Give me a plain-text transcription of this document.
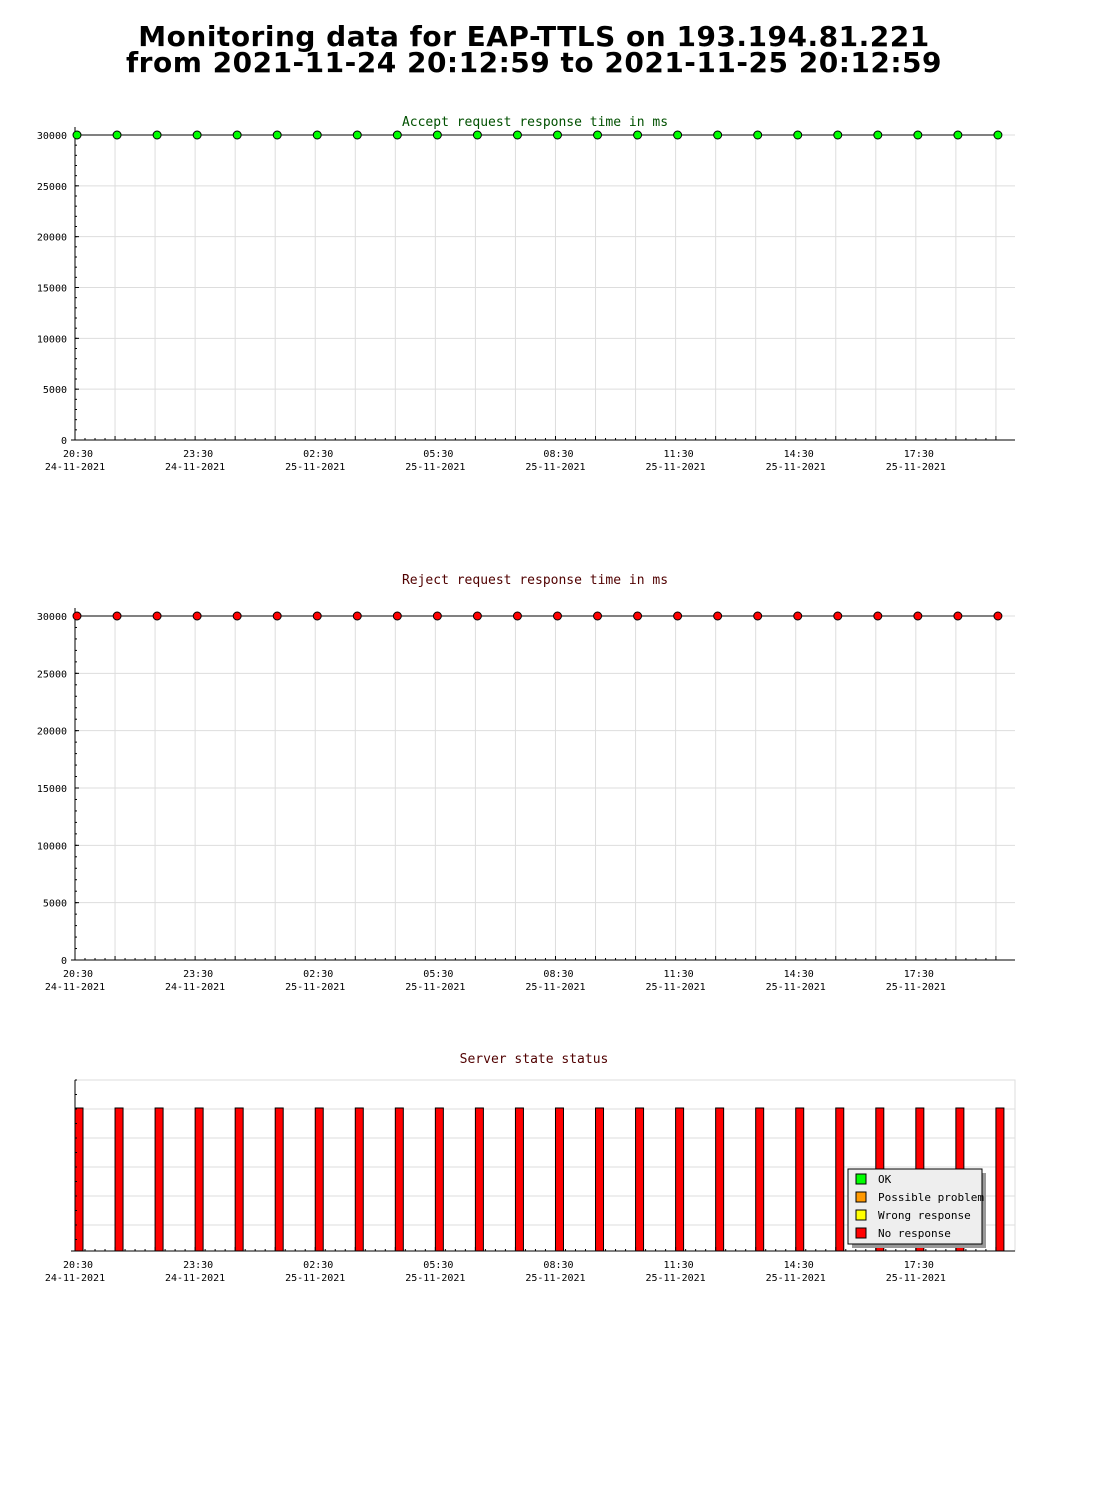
Monitoring data for EAP-TTLS on 193.194.81.221
from 2021-11-24 20:12:59 to 2021-11-25 20:12:59
Accept request response time in ms
0
5000
10000
15000
20000
25000
30000
20:30
24-11-2021
23:30
24-11-2021
02:30
25-11-2021
05:30
25-11-2021
08:30
25-11-2021
11:30
25-11-2021
14:30
25-11-2021
17:30
25-11-2021
Reject request response time in ms
0
5000
10000
15000
20000
25000
30000
20:30
24-11-2021
23:30
24-11-2021
02:30
25-11-2021
05:30
25-11-2021
08:30
25-11-2021
11:30
25-11-2021
14:30
25-11-2021
17:30
25-11-2021
Server state status
20:30
24-11-2021
23:30
24-11-2021
02:30
25-11-2021
05:30
25-11-2021
08:30
25-11-2021
11:30
25-11-2021
14:30
25-11-2021
17:30
25-11-2021
OK
Possible problem
Wrong response
No response
